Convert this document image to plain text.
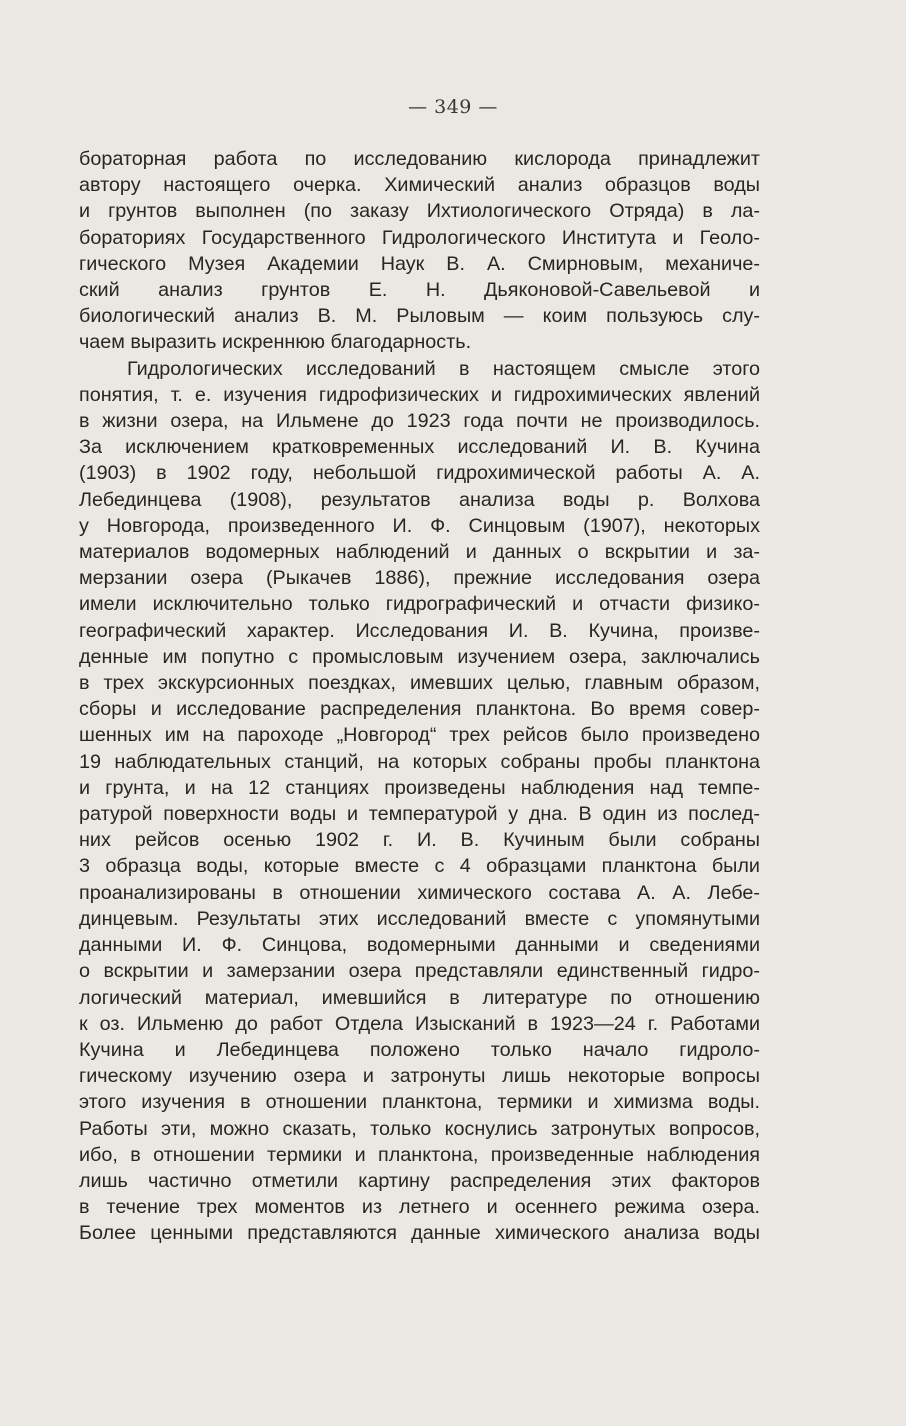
— 349 —
бораторная работа по исследованию кислорода принадлежит
автору настоящего очерка. Химический анализ образцов воды
и грунтов выполнен (по заказу Ихтиологического Отряда) в ла-
бораториях Государственного Гидрологического Института и Геоло-
гического Музея Академии Наук В. А. Смирновым, механиче-
ский анализ грунтов Е. Н. Дьяконовой-Савельевой и
биологический анализ В. М. Рыловым — коим пользуюсь слу-
чаем выразить искреннюю благодарность.
Гидрологических исследований в настоящем смысле этого
понятия, т. е. изучения гидрофизических и гидрохимических явлений
в жизни озера, на Ильмене до 1923 года почти не производилось.
За исключением кратковременных исследований И. В. Кучина
(1903) в 1902 году, небольшой гидрохимической работы А. А.
Лебединцева (1908), результатов анализа воды р. Волхова
у Новгорода, произведенного И. Ф. Синцовым (1907), некоторых
материалов водомерных наблюдений и данных о вскрытии и за-
мерзании озера (Рыкачев 1886), прежние исследования озера
имели исключительно только гидрографический и отчасти физико-
географический характер. Исследования И. В. Кучина, произве-
денные им попутно с промысловым изучением озера, заключались
в трех экскурсионных поездках, имевших целью, главным образом,
сборы и исследование распределения планктона. Во время совер-
шенных им на пароходе „Новгород“ трех рейсов было произведено
19 наблюдательных станций, на которых собраны пробы планктона
и грунта, и на 12 станциях произведены наблюдения над темпе-
ратурой поверхности воды и температурой у дна. В один из послед-
них рейсов осенью 1902 г. И. В. Кучиным были собраны
3 образца воды, которые вместе с 4 образцами планктона были
проанализированы в отношении химического состава А. А. Лебе-
динцевым. Результаты этих исследований вместе с упомянутыми
данными И. Ф. Синцова, водомерными данными и сведениями
о вскрытии и замерзании озера представляли единственный гидро-
логический материал, имевшийся в литературе по отношению
к оз. Ильменю до работ Отдела Изысканий в 1923—24 г. Работами
Кучина и Лебединцева положено только начало гидроло-
гическому изучению озера и затронуты лишь некоторые вопросы
этого изучения в отношении планктона, термики и химизма воды.
Работы эти, можно сказать, только коснулись затронутых вопросов,
ибо, в отношении термики и планктона, произведенные наблюдения
лишь частично отметили картину распределения этих факторов
в течение трех моментов из летнего и осеннего режима озера.
Более ценными представляются данные химического анализа воды
